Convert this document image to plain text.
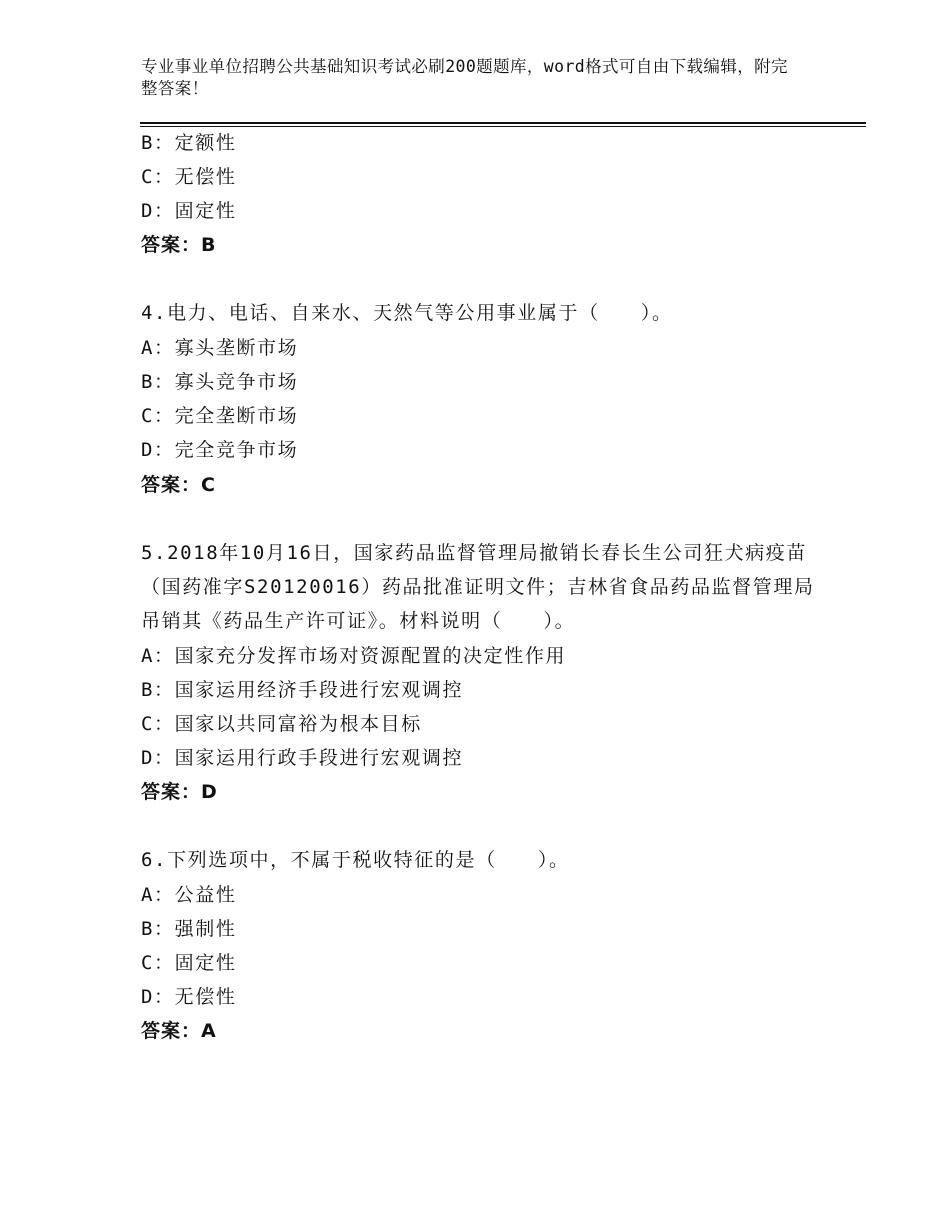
专业事业单位招聘公共基础知识考试必刷200题题库，word格式可自由下载编辑，附完整答案！
B：定额性
C：无偿性
D：固定性
答案：B
4.电力、电话、自来水、天然气等公用事业属于（　　）。
A：寡头垄断市场
B：寡头竞争市场
C：完全垄断市场
D：完全竞争市场
答案：C
5.2018年10月16日，国家药品监督管理局撤销长春长生公司狂犬病疫苗（国药准字S20120016）药品批准证明文件；吉林省食品药品监督管理局吊销其《药品生产许可证》。材料说明（　　）。
A：国家充分发挥市场对资源配置的决定性作用
B：国家运用经济手段进行宏观调控
C：国家以共同富裕为根本目标
D：国家运用行政手段进行宏观调控
答案：D
6.下列选项中，不属于税收特征的是（　　）。
A：公益性
B：强制性
C：固定性
D：无偿性
答案：A
